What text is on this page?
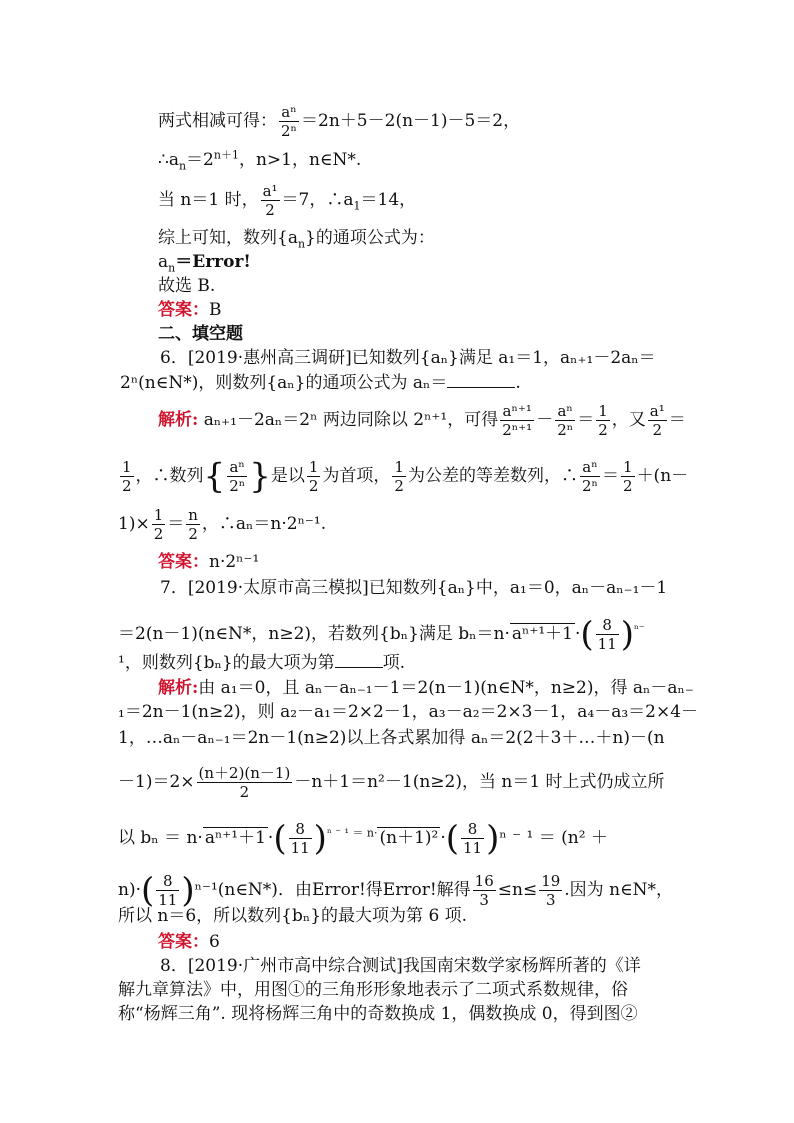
两式相减可得： $\frac{\text{aⁿ}}{\text{2ⁿ}} =2n+5-2(n-1)-5=2$，
$\therefore a_n=2^{n+1}$，n>1，n∈N*.
当 n＝1 时， $\frac{\text{a¹}}{2} =7$，$\therefore a_1=14$，
综上可知，数列$\{a_n\}$的通项公式为：
$a_n=Error$!
故选 B.
答案：B
二、填空题
6．[2019·惠州高三调研]已知数列{aₙ}满足 a₁＝1，aₙ₊₁－2aₙ＝
2ⁿ(n∈N*)，则数列{aₙ}的通项公式为 aₙ＝	.
解析: aₙ₊₁－2aₙ＝2ⁿ 两边同除以 2ⁿ⁺¹，可得 $\frac{\text{aⁿ⁺¹}}{\text{2ⁿ⁺¹}} - \frac{\text{aⁿ}}{\text{2ⁿ}} = \frac{1}{2}$ ，又 $\frac{\text{a¹}}{2}$ ＝
$\frac{1}{2}$ ，∴数列{ $\frac{\text{aⁿ}}{\text{2ⁿ}}$ }是以 $\frac{1}{2}$ 为首项， $\frac{1}{2}$ 为公差的等差数列，∴ $\frac{\text{aⁿ}}{\text{2ⁿ}} = \frac{1}{2} +(n-$
$1)\times \frac{1}{2} = \frac{n}{2}$ ，∴aₙ＝n·2ⁿ⁻¹.
答案：n·2ⁿ⁻¹
7．[2019·太原市高三模拟]已知数列{aₙ}中，a₁＝0，aₙ－aₙ₋₁－1
＝2(n－1)(n∈N*，n≥2)，若数列{bₙ}满足 bₙ＝n· aⁿ⁺¹＋1 ·( $\frac{8}{11} )^{^{n-}}$
¹，则数列{bₙ}的最大项为第	项.
解析:由 a₁＝0，且 aₙ－aₙ₋₁－1＝2(n－1)(n∈N*，n≥2)，得 aₙ－aₙ₋
₁＝2n－1(n≥2)，则 a₂－a₁＝2×2－1，a₃－a₂＝2×3－1，a₄－a₃＝2×4－
1，…aₙ－aₙ₋₁＝2n－1(n≥2)以上各式累加得 aₙ＝2(2＋3＋…＋n)－(n
$-1)=2\times \frac{(n+2)(n-1)}{2} -n+1=n^2-1(n\ge 2)$，当 n＝1 时上式仍成立所
以 bₙ ＝ n· aⁿ⁺¹＋1 ·( $\frac{8}{11} )^{^n ^- ^1 = n\cdot}$ (n＋1)² ·( $\frac{8}{11} )^n$ ⁻ ¹ ＝ (n² ＋
$n)\cdot( \frac{8}{11}$ )ⁿ⁻¹(n∈N*)．由Error!得Error!解得 $\frac{16}{3} \le n\le \frac{19}{3}$ .因为 n∈N*，
所以 n＝6，所以数列{bₙ}的最大项为第 6 项.
答案：6
8．[2019·广州市高中综合测试]我国南宋数学家杨辉所著的《详
解九章算法》中，用图①的三角形形象地表示了二项式系数规律，俗
称“杨辉三角”. 现将杨辉三角中的奇数换成 1，偶数换成 0，得到图②
